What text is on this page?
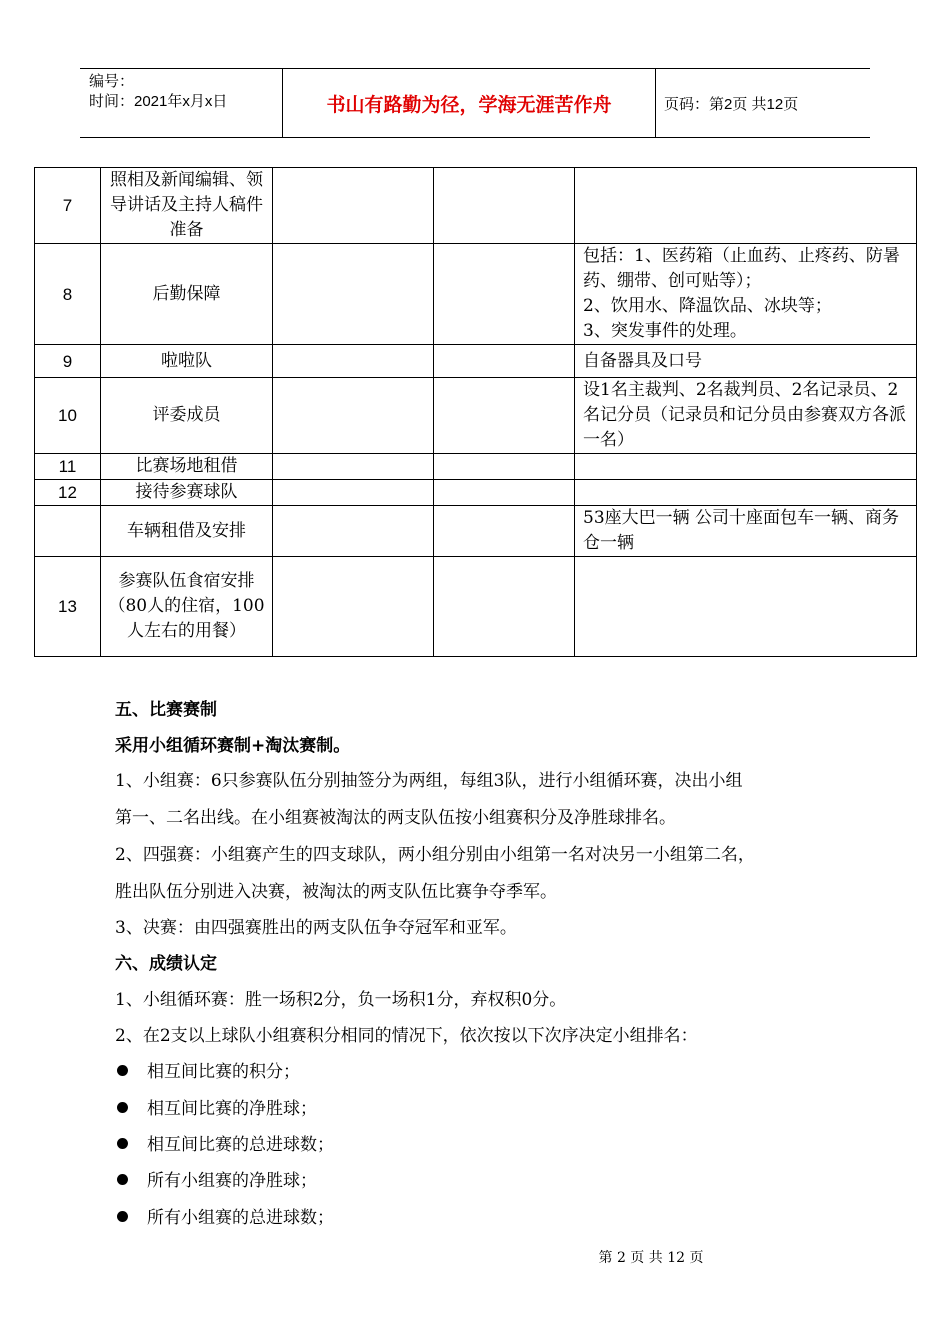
编号：
时间：2021年x月x日	书山有路勤为径，学海无涯苦作舟	页码：第2页 共12页
7	照相及新闻编辑、领导讲话及主持人稿件准备			
8	后勤保障			包括：1、医药箱（止血药、止疼药、防暑药、绷带、创可贴等）；
2、饮用水、降温饮品、冰块等；
3、突发事件的处理。
9	啦啦队			自备器具及口号
10	评委成员			设1名主裁判、2名裁判员、2名记录员、2名记分员（记录员和记分员由参赛双方各派一名）
11	比赛场地租借			
12	接待参赛球队			
	车辆租借及安排			53座大巴一辆 公司十座面包车一辆、商务仓一辆
13	参赛队伍食宿安排（80人的住宿，100人左右的用餐）			
五、比赛赛制
采用小组循环赛制+淘汰赛制。
1、小组赛：6只参赛队伍分别抽签分为两组，每组3队，进行小组循环赛，决出小组
第一、二名出线。在小组赛被淘汰的两支队伍按小组赛积分及净胜球排名。
2、四强赛：小组赛产生的四支球队，两小组分别由小组第一名对决另一小组第二名，
胜出队伍分别进入决赛，被淘汰的两支队伍比赛争夺季军。
3、决赛：由四强赛胜出的两支队伍争夺冠军和亚军。
六、成绩认定
1、小组循环赛：胜一场积2分，负一场积1分，弃权积0分。
2、在2支以上球队小组赛积分相同的情况下，依次按以下次序决定小组排名：
相互间比赛的积分；
相互间比赛的净胜球；
相互间比赛的总进球数；
所有小组赛的净胜球；
所有小组赛的总进球数；
第 2 页 共 12 页
